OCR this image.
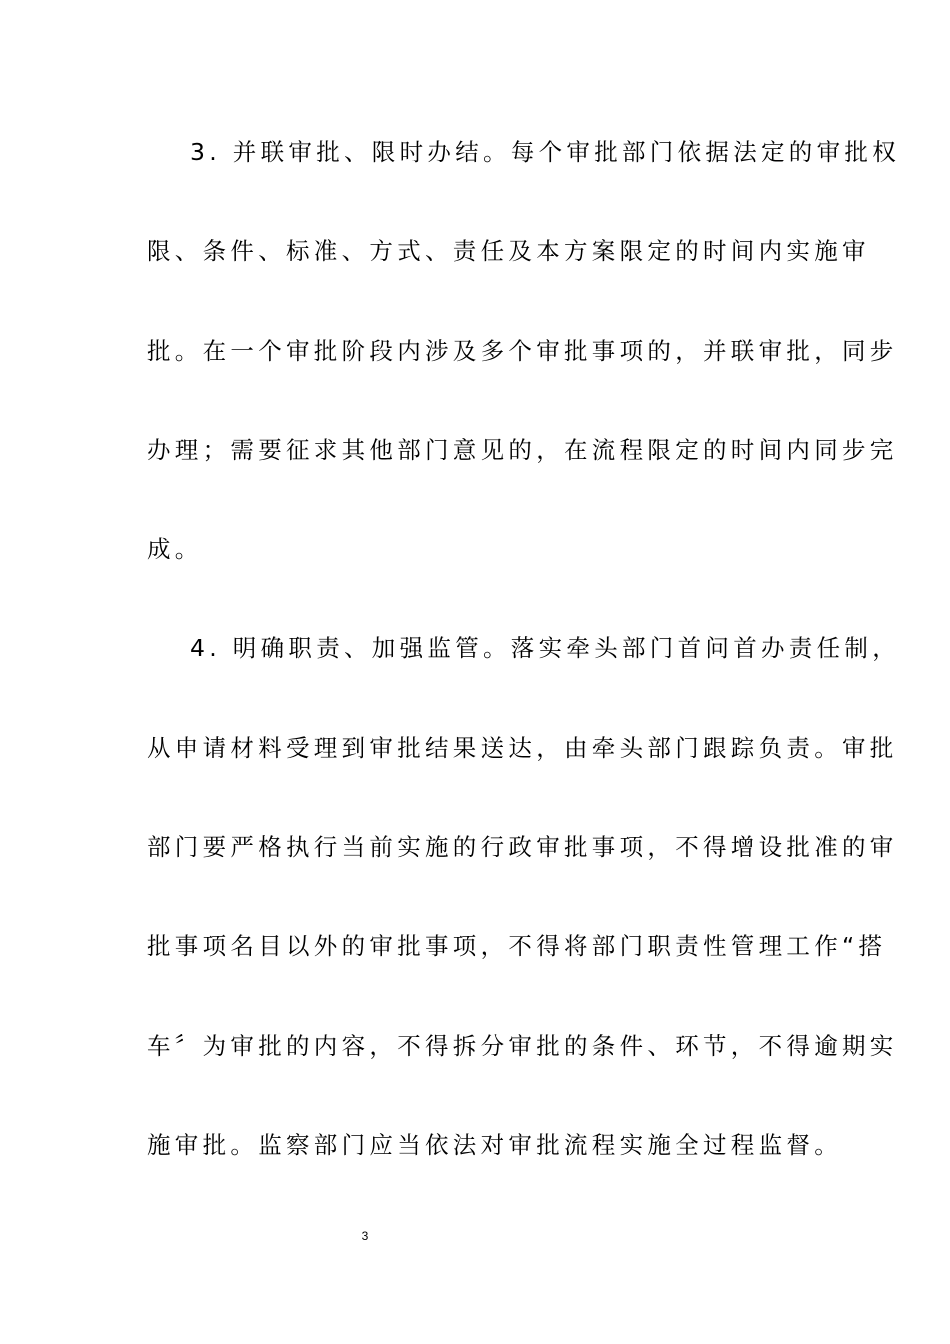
3. 并联审批、限时办结。每个审批部门依据法定的审批权
限、条件、标准、方式、责任及本方案限定的时间内实施审
批。在一个审批阶段内涉及多个审批事项的，并联审批，同步
办理；需要征求其他部门意见的，在流程限定的时间内同步完
成。
4. 明确职责、加强监管。落实牵头部门首问首办责任制，
从申请材料受理到审批结果送达，由牵头部门跟踪负责。审批
部门要严格执行当前实施的行政审批事项，不得增设批准的审
批事项名目以外的审批事项，不得将部门职责性管理工作“搭
车〞为审批的内容，不得拆分审批的条件、环节，不得逾期实
施审批。监察部门应当依法对审批流程实施全过程监督。
3
